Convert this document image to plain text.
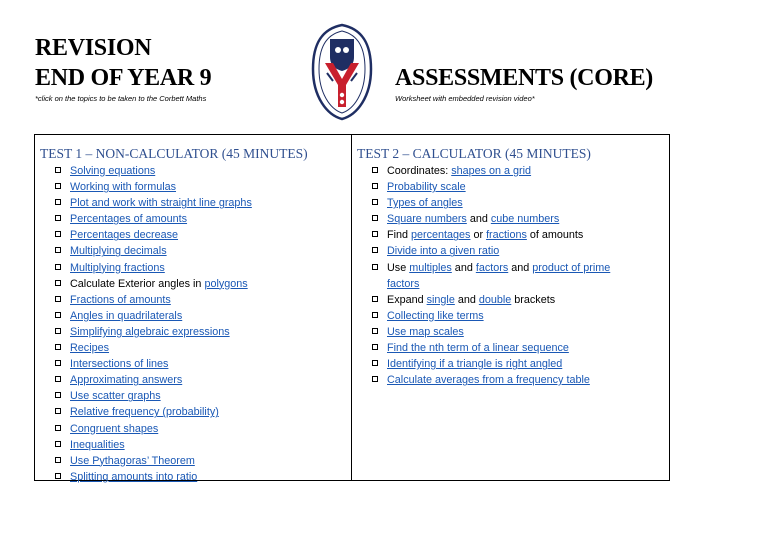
REVISION
END OF YEAR 9	ASSESSMENTS (CORE)
*click on the topics to be taken to the Corbett Maths	Worksheet with embedded revision video*
TEST 1 – NON-CALCULATOR (45 MINUTES)
Solving equations
Working with formulas
Plot and work with straight line graphs
Percentages of amounts
Percentages decrease
Multiplying decimals
Multiplying fractions
Calculate Exterior angles in polygons
Fractions of amounts
Angles in quadrilaterals
Simplifying algebraic expressions
Recipes
Intersections of lines
Approximating answers
Use scatter graphs
Relative frequency (probability)
Congruent shapes
Inequalities
Use Pythagoras’ Theorem
Splitting amounts into ratio
TEST 2 – CALCULATOR (45 MINUTES)
Coordinates: shapes on a grid
Probability scale
Types of angles
Square numbers and cube numbers
Find percentages or fractions of amounts
Divide into a given ratio
Use multiples and factors and product of prime factors
Expand single and double brackets
Collecting like terms
Use map scales
Find the nth term of a linear sequence
Identifying if a triangle is right angled
Calculate averages from a frequency table
